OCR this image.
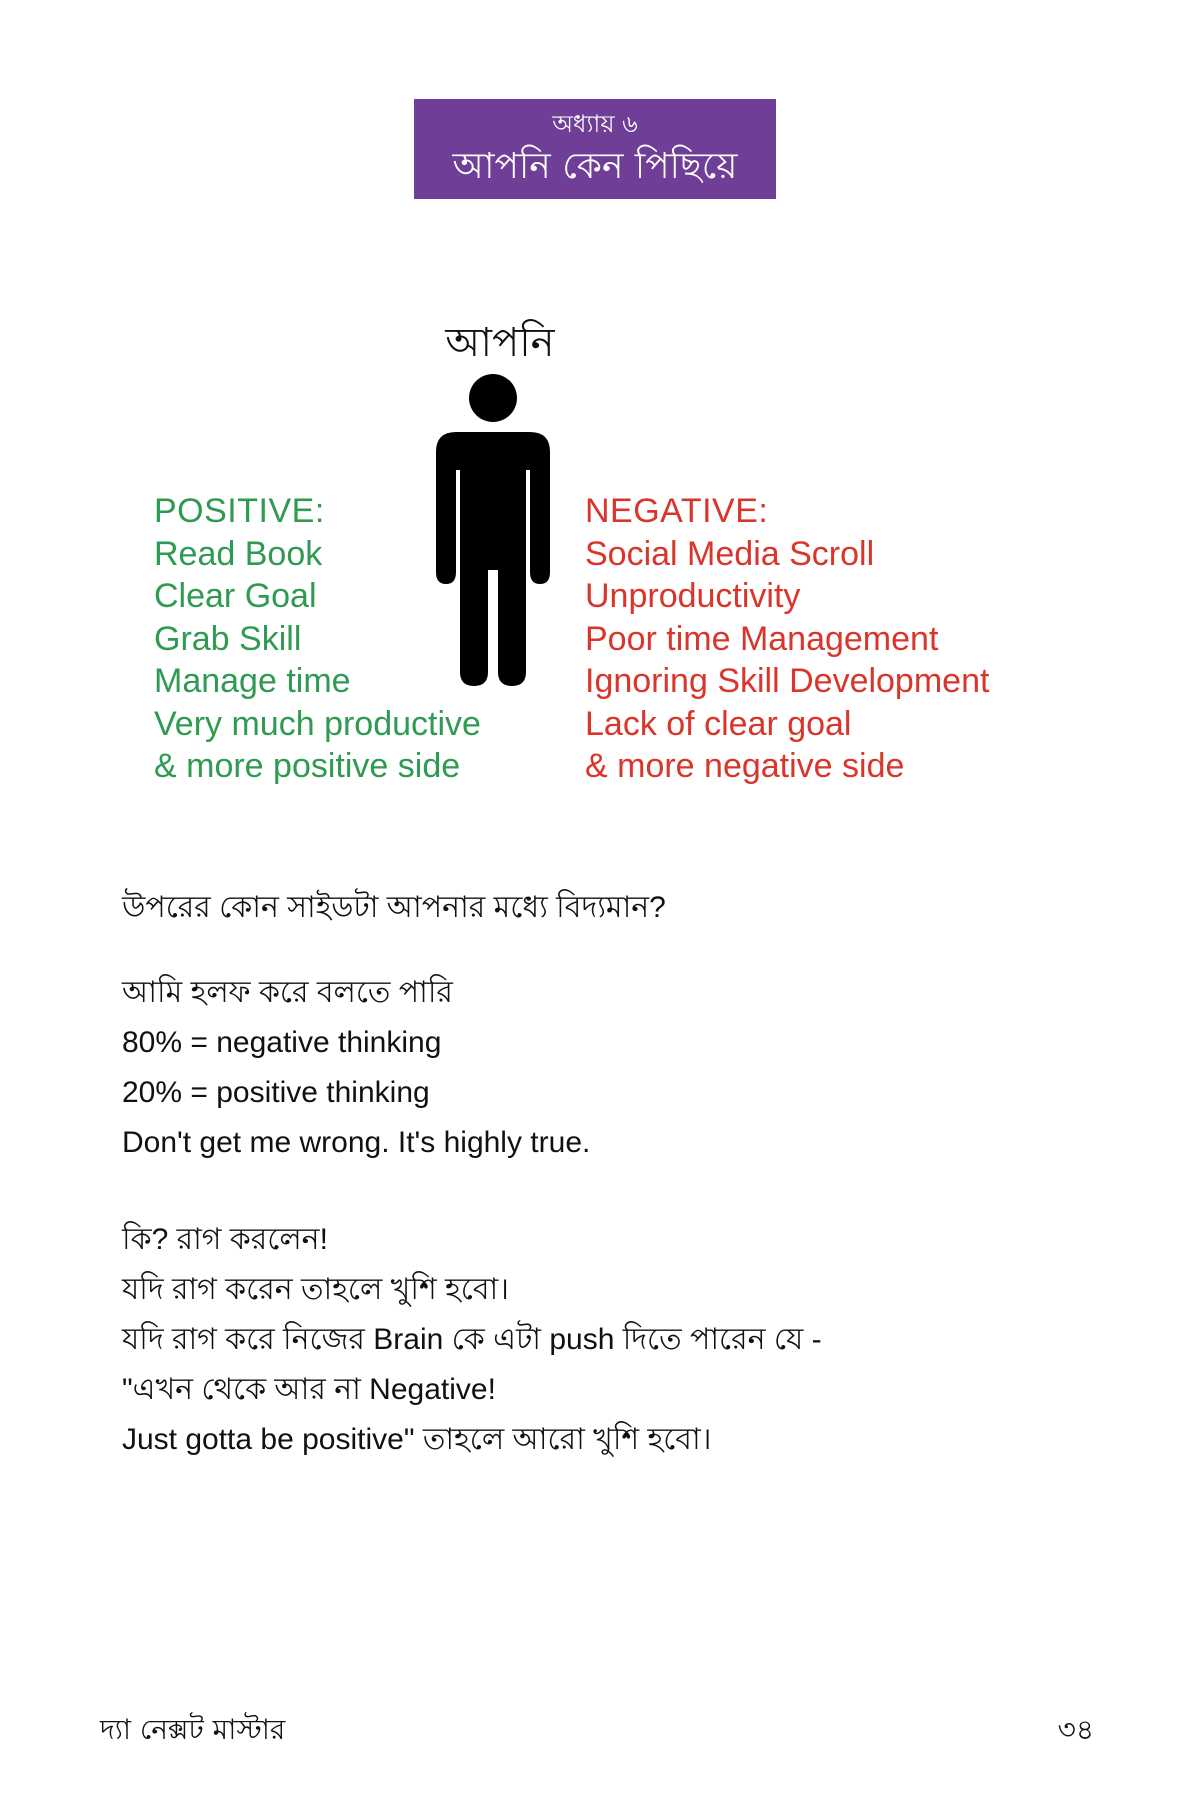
অধ্যায় ৬
আপনি কেন পিছিয়ে
আপনি
POSITIVE:
Read Book
Clear Goal
Grab Skill
Manage time
Very much productive
& more positive side
NEGATIVE:
Social Media Scroll
Unproductivity
Poor time Management
Ignoring Skill Development
Lack of clear goal
& more negative side
উপরের কোন সাইডটা আপনার মধ্যে বিদ্যমান?
আমি হলফ করে বলতে পারি
80% = negative thinking
20% = positive thinking
Don't get me wrong. It's highly true.
কি? রাগ করলেন!
যদি রাগ করেন তাহলে খুশি হবো।
যদি রাগ করে নিজের Brain কে এটা push দিতে পারেন যে -
"এখন থেকে আর না Negative!
Just gotta be positive" তাহলে আরো খুশি হবো।
দ্যা নেক্সট মাস্টার	৩৪
